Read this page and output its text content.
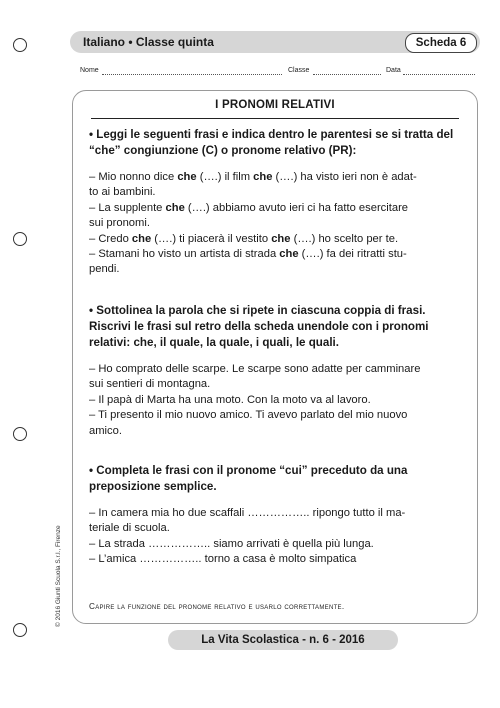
Italiano • Classe quinta	Scheda 6
Nome	Classe	Data
I PRONOMI RELATIVI
• Leggi le seguenti frasi e indica dentro le parentesi se si tratta del “che” congiunzione (C) o pronome relativo (PR):
– Mio nonno dice che (….) il film che (….) ha visto ieri non è adat-
to ai bambini.
– La supplente che (….) abbiamo avuto ieri ci ha fatto esercitare
sui pronomi.
– Credo che (….) ti piacerà il vestito che (….) ho scelto per te.
– Stamani ho visto un artista di strada che (….) fa dei ritratti stu-
pendi.
• Sottolinea la parola che si ripete in ciascuna coppia di frasi. Riscrivi le frasi sul retro della scheda unendole con i pronomi relativi: che, il quale, la quale, i quali, le quali.
– Ho comprato delle scarpe. Le scarpe sono adatte per camminare
sui sentieri di montagna.
– Il papà di Marta ha una moto. Con la moto va al lavoro.
– Ti presento il mio nuovo amico. Ti avevo parlato del mio nuovo
amico.
• Completa le frasi con il pronome “cui” preceduto da una preposizione semplice.
– In camera mia ho due scaffali …………….. ripongo tutto il ma-
teriale di scuola.
– La strada …………….. siamo arrivati è quella più lunga.
– L’amica …………….. torno a casa è molto simpatica
Capire la funzione del pronome relativo e usarlo correttamente.
© 2016 Giunti Scuola S.r.l., Firenze
La Vita Scolastica - n. 6 - 2016
